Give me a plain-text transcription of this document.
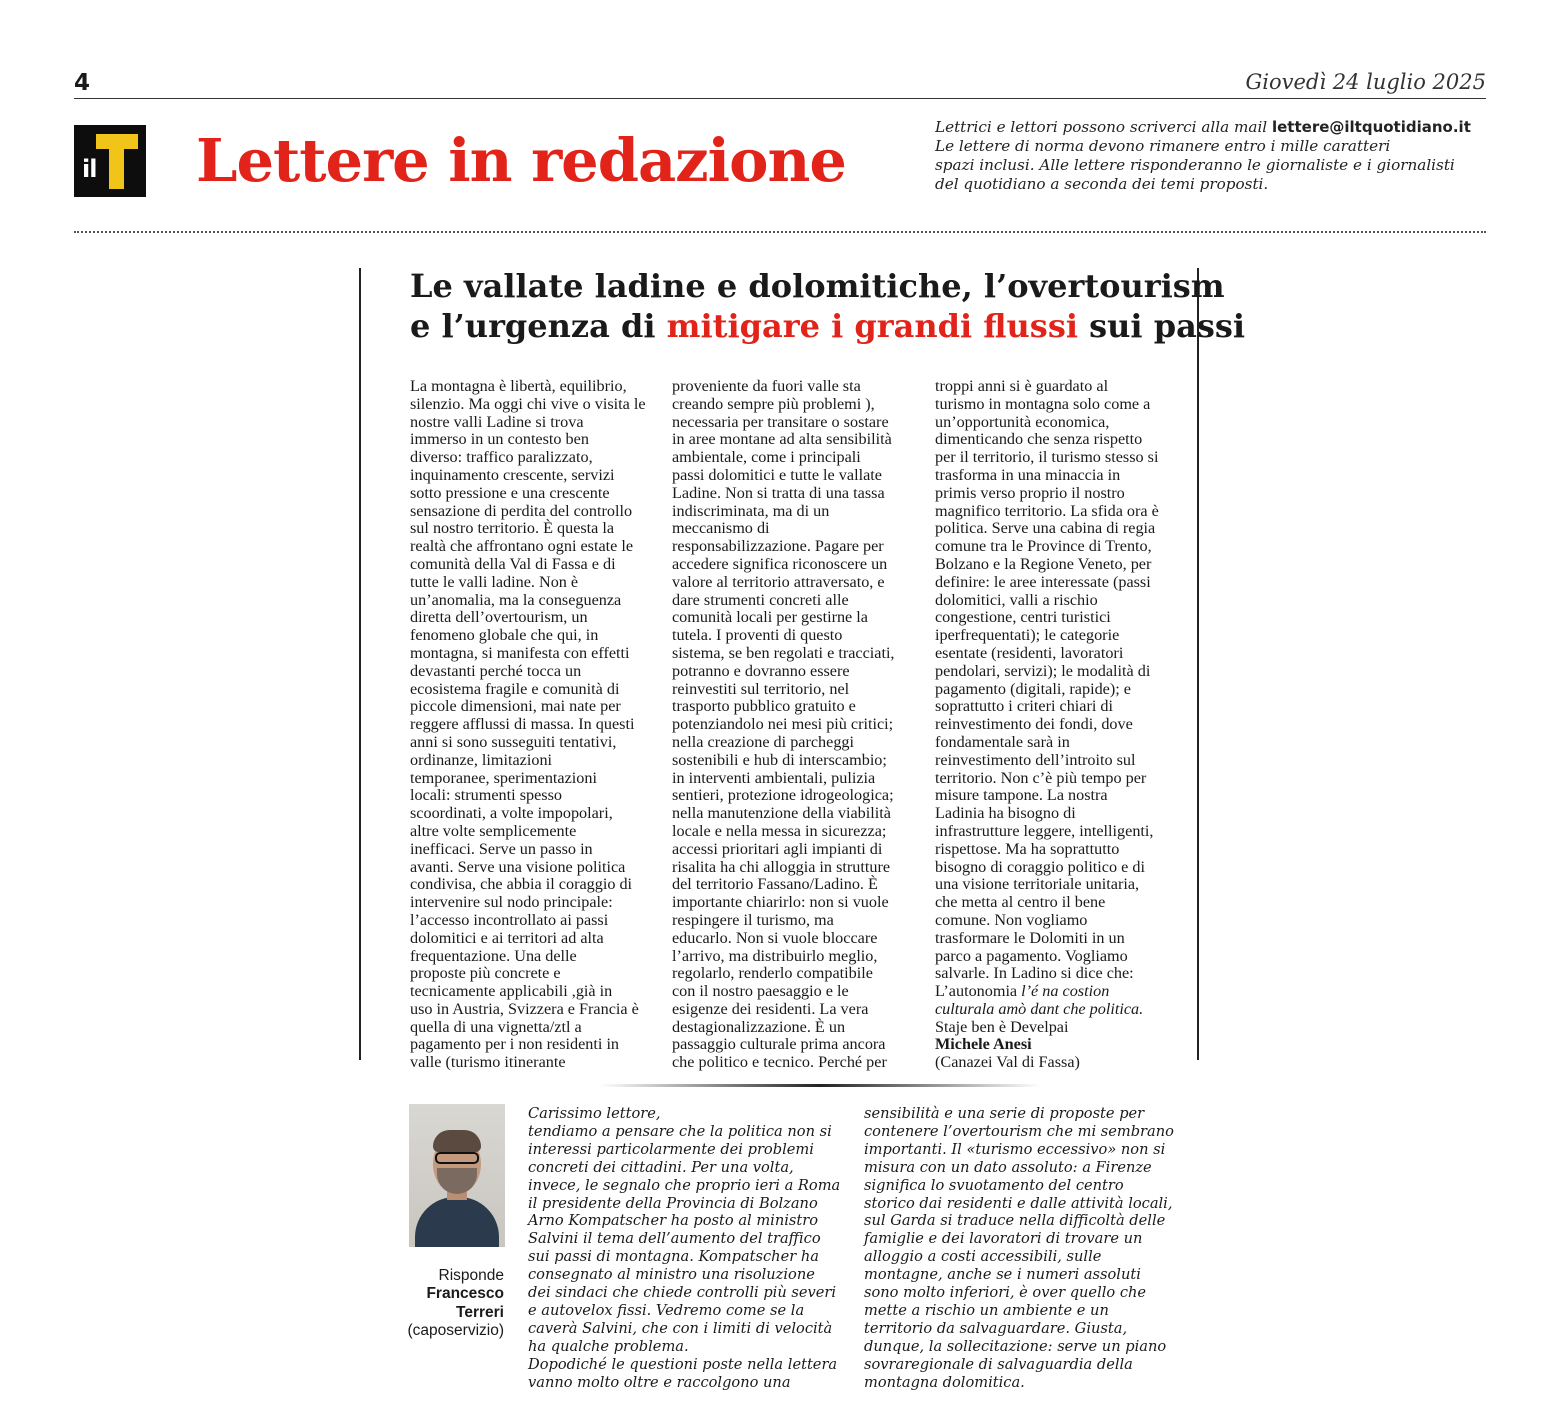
4	Giovedì 24 luglio 2025
il Lettere in redazione	Lettrici e lettori possono scriverci alla mail lettere@iltquotidiano.it
Le lettere di norma devono rimanere entro i mille caratteri
spazi inclusi. Alle lettere risponderanno le giornaliste e i giornalisti
del quotidiano a seconda dei temi proposti.
Le vallate ladine e dolomitiche, l’overtourism
e l’urgenza di mitigare i grandi flussi sui passi
La montagna è libertà, equilibrio,
silenzio. Ma oggi chi vive o visita le
nostre valli Ladine si trova
immerso in un contesto ben
diverso: traffico paralizzato,
inquinamento crescente, servizi
sotto pressione e una crescente
sensazione di perdita del controllo
sul nostro territorio. È questa la
realtà che affrontano ogni estate le
comunità della Val di Fassa e di
tutte le valli ladine. Non è
un’anomalia, ma la conseguenza
diretta dell’overtourism, un
fenomeno globale che qui, in
montagna, si manifesta con effetti
devastanti perché tocca un
ecosistema fragile e comunità di
piccole dimensioni, mai nate per
reggere afflussi di massa. In questi
anni si sono susseguiti tentativi,
ordinanze, limitazioni
temporanee, sperimentazioni
locali: strumenti spesso
scoordinati, a volte impopolari,
altre volte semplicemente
inefficaci. Serve un passo in
avanti. Serve una visione politica
condivisa, che abbia il coraggio di
intervenire sul nodo principale:
l’accesso incontrollato ai passi
dolomitici e ai territori ad alta
frequentazione. Una delle
proposte più concrete e
tecnicamente applicabili ,già in
uso in Austria, Svizzera e Francia è
quella di una vignetta/ztl a
pagamento per i non residenti in
valle (turismo itinerante
proveniente da fuori valle sta
creando sempre più problemi ),
necessaria per transitare o sostare
in aree montane ad alta sensibilità
ambientale, come i principali
passi dolomitici e tutte le vallate
Ladine. Non si tratta di una tassa
indiscriminata, ma di un
meccanismo di
responsabilizzazione. Pagare per
accedere significa riconoscere un
valore al territorio attraversato, e
dare strumenti concreti alle
comunità locali per gestirne la
tutela. I proventi di questo
sistema, se ben regolati e tracciati,
potranno e dovranno essere
reinvestiti sul territorio, nel
trasporto pubblico gratuito e
potenziandolo nei mesi più critici;
nella creazione di parcheggi
sostenibili e hub di interscambio;
in interventi ambientali, pulizia
sentieri, protezione idrogeologica;
nella manutenzione della viabilità
locale e nella messa in sicurezza;
accessi prioritari agli impianti di
risalita ha chi alloggia in strutture
del territorio Fassano/Ladino. È
importante chiarirlo: non si vuole
respingere il turismo, ma
educarlo. Non si vuole bloccare
l’arrivo, ma distribuirlo meglio,
regolarlo, renderlo compatibile
con il nostro paesaggio e le
esigenze dei residenti. La vera
destagionalizzazione. È un
passaggio culturale prima ancora
che politico e tecnico. Perché per
troppi anni si è guardato al
turismo in montagna solo come a
un’opportunità economica,
dimenticando che senza rispetto
per il territorio, il turismo stesso si
trasforma in una minaccia in
primis verso proprio il nostro
magnifico territorio. La sfida ora è
politica. Serve una cabina di regia
comune tra le Province di Trento,
Bolzano e la Regione Veneto, per
definire: le aree interessate (passi
dolomitici, valli a rischio
congestione, centri turistici
iperfrequentati); le categorie
esentate (residenti, lavoratori
pendolari, servizi); le modalità di
pagamento (digitali, rapide); e
soprattutto i criteri chiari di
reinvestimento dei fondi, dove
fondamentale sarà in
reinvestimento dell’introito sul
territorio. Non c’è più tempo per
misure tampone. La nostra
Ladinia ha bisogno di
infrastrutture leggere, intelligenti,
rispettose. Ma ha soprattutto
bisogno di coraggio politico e di
una visione territoriale unitaria,
che metta al centro il bene
comune. Non vogliamo
trasformare le Dolomiti in un
parco a pagamento. Vogliamo
salvarle. In Ladino si dice che:
L’autonomia l’é na costion
culturala amò dant che politica.
Staje ben è Develpai
Michele Anesi
(Canazei Val di Fassa)
Risponde
Francesco
Terreri
(caposervizio)
Carissimo lettore,
tendiamo a pensare che la politica non si
interessi particolarmente dei problemi
concreti dei cittadini. Per una volta,
invece, le segnalo che proprio ieri a Roma
il presidente della Provincia di Bolzano
Arno Kompatscher ha posto al ministro
Salvini il tema dell’aumento del traffico
sui passi di montagna. Kompatscher ha
consegnato al ministro una risoluzione
dei sindaci che chiede controlli più severi
e autovelox fissi. Vedremo come se la
caverà Salvini, che con i limiti di velocità
ha qualche problema.
Dopodiché le questioni poste nella lettera
vanno molto oltre e raccolgono una
sensibilità e una serie di proposte per
contenere l’overtourism che mi sembrano
importanti. Il «turismo eccessivo» non si
misura con un dato assoluto: a Firenze
significa lo svuotamento del centro
storico dai residenti e dalle attività locali,
sul Garda si traduce nella difficoltà delle
famiglie e dei lavoratori di trovare un
alloggio a costi accessibili, sulle
montagne, anche se i numeri assoluti
sono molto inferiori, è over quello che
mette a rischio un ambiente e un
territorio da salvaguardare. Giusta,
dunque, la sollecitazione: serve un piano
sovraregionale di salvaguardia della
montagna dolomitica.
